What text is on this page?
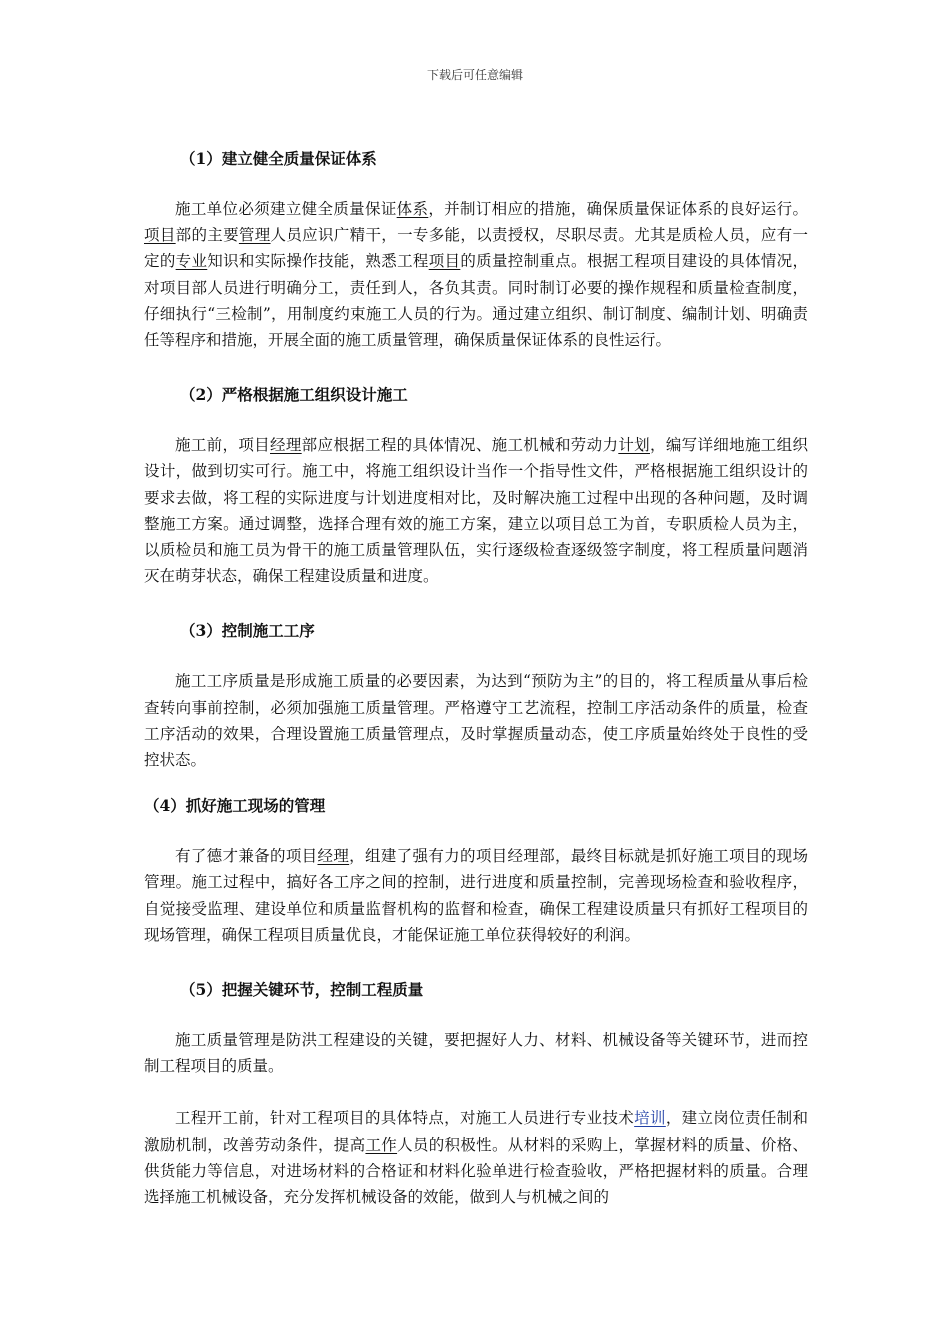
下载后可任意编辑
（1）建立健全质量保证体系

施工单位必须建立健全质量保证体系，并制订相应的措施，确保质量保证体系的良好运行。项目部的主要管理人员应识广精干，一专多能，以责授权，尽职尽责。尤其是质检人员，应有一定的专业知识和实际操作技能，熟悉工程项目的质量控制重点。根据工程项目建设的具体情况，对项目部人员进行明确分工，责任到人，各负其责。同时制订必要的操作规程和质量检查制度，仔细执行“三检制”，用制度约束施工人员的行为。通过建立组织、制订制度、编制计划、明确责任等程序和措施，开展全面的施工质量管理，确保质量保证体系的良性运行。

（2）严格根据施工组织设计施工

施工前，项目经理部应根据工程的具体情况、施工机械和劳动力计划，编写详细地施工组织设计，做到切实可行。施工中，将施工组织设计当作一个指导性文件，严格根据施工组织设计的要求去做，将工程的实际进度与计划进度相对比，及时解决施工过程中出现的各种问题，及时调整施工方案。通过调整，选择合理有效的施工方案，建立以项目总工为首，专职质检人员为主，以质检员和施工员为骨干的施工质量管理队伍，实行逐级检查逐级签字制度，将工程质量问题消灭在萌芽状态，确保工程建设质量和进度。

（3）控制施工工序

施工工序质量是形成施工质量的必要因素，为达到“预防为主”的目的，将工程质量从事后检查转向事前控制，必须加强施工质量管理。严格遵守工艺流程，控制工序活动条件的质量，检查工序活动的效果，合理设置施工质量管理点，及时掌握质量动态，使工序质量始终处于良性的受控状态。

（4）抓好施工现场的管理

有了德才兼备的项目经理，组建了强有力的项目经理部，最终目标就是抓好施工项目的现场管理。施工过程中，搞好各工序之间的控制，进行进度和质量控制，完善现场检查和验收程序，自觉接受监理、建设单位和质量监督机构的监督和检查，确保工程建设质量只有抓好工程项目的现场管理，确保工程项目质量优良，才能保证施工单位获得较好的利润。

（5）把握关键环节，控制工程质量

施工质量管理是防洪工程建设的关键，要把握好人力、材料、机械设备等关键环节，进而控制工程项目的质量。

工程开工前，针对工程项目的具体特点，对施工人员进行专业技术培训，建立岗位责任制和激励机制，改善劳动条件，提高工作人员的积极性。从材料的采购上，掌握材料的质量、价格、供货能力等信息，对进场材料的合格证和材料化验单进行检查验收，严格把握材料的质量。合理选择施工机械设备，充分发挥机械设备的效能，做到人与机械之间的
